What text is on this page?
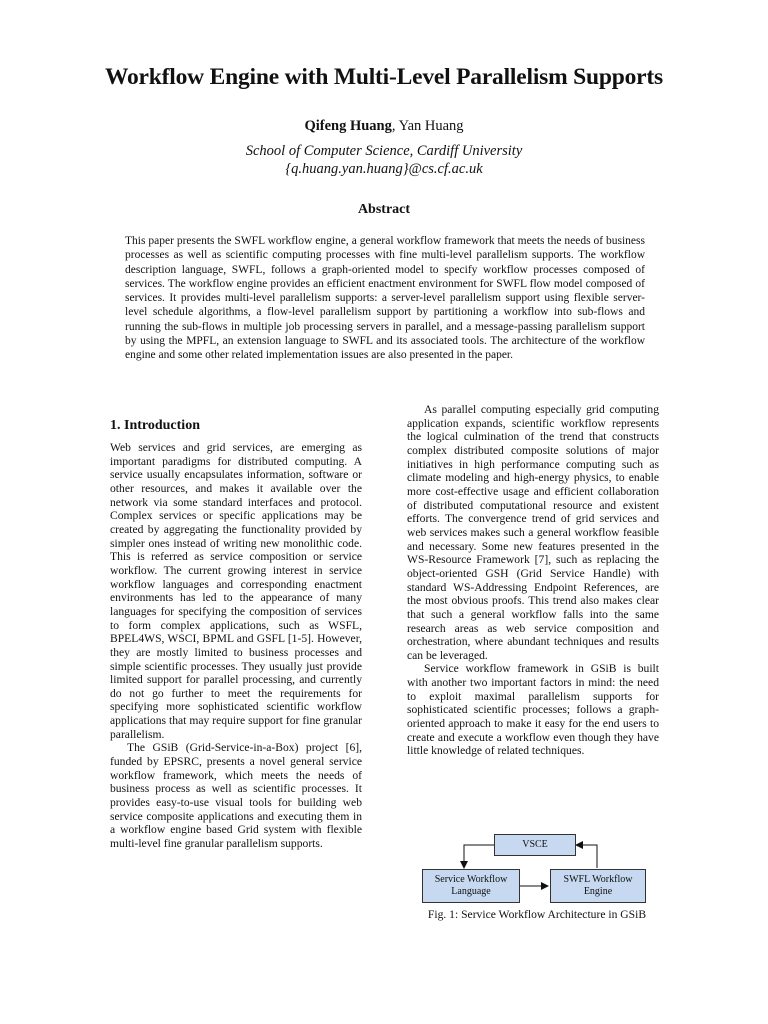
Workflow Engine with Multi-Level Parallelism Supports
Qifeng Huang, Yan Huang
School of Computer Science, Cardiff University
{q.huang.yan.huang}@cs.cf.ac.uk
Abstract
This paper presents the SWFL workflow engine, a general workflow framework that meets the needs of business processes as well as scientific computing processes with fine multi-level parallelism supports. The workflow description language, SWFL, follows a graph-oriented model to specify workflow processes composed of services. The workflow engine provides an efficient enactment environment for SWFL flow model composed of services. It provides multi-level parallelism supports: a server-level parallelism support using flexible server-level schedule algorithms, a flow-level parallelism support by partitioning a workflow into sub-flows and running the sub-flows in multiple job processing servers in parallel, and a message-passing parallelism support by using the MPFL, an extension language to SWFL and its associated tools. The architecture of the workflow engine and some other related implementation issues are also presented in the paper.
1. Introduction

Web services and grid services, are emerging as important paradigms for distributed computing. A service usually encapsulates information, software or other resources, and makes it available over the network via some standard interfaces and protocol. Complex services or specific applications may be created by aggregating the functionality provided by simpler ones instead of writing new monolithic code. This is referred as service composition or service workflow. The current growing interest in service workflow languages and corresponding enactment environments has led to the appearance of many languages for specifying the composition of services to form complex applications, such as WSFL, BPEL4WS, WSCI, BPML and GSFL [1-5]. However, they are mostly limited to business processes and simple scientific processes. They usually just provide limited support for parallel processing, and currently do not go further to meet the requirements for specifying more sophisticated scientific workflow applications that may require support for fine granular parallelism.

The GSiB (Grid-Service-in-a-Box) project [6], funded by EPSRC, presents a novel general service workflow framework, which meets the needs of business process as well as scientific processes. It provides easy-to-use visual tools for building web service composite applications and executing them in a workflow engine based Grid system with flexible multi-level fine granular parallelism supports.

As parallel computing especially grid computing application expands, scientific workflow represents the logical culmination of the trend that constructs complex distributed composite solutions of major initiatives in high performance computing such as climate modeling and high-energy physics, to enable more cost-effective usage and efficient collaboration of distributed computational resource and existent efforts. The convergence trend of grid services and web services makes such a general workflow feasible and necessary. Some new features presented in the WS-Resource Framework [7], such as replacing the object-oriented GSH (Grid Service Handle) with standard WS-Addressing Endpoint References, are the most obvious proofs. This trend also makes clear that such a general workflow falls into the same research areas as web service composition and orchestration, where abundant techniques and results can be leveraged.

Service workflow framework in GSiB is built with another two important factors in mind: the need to exploit maximal parallelism supports for sophisticated scientific processes; follows a graph-oriented approach to make it easy for the end users to create and execute a workflow even though they have little knowledge of related techniques.

VSCE
Service Workflow Language
SWFL Workflow Engine
Fig. 1: Service Workflow Architecture in GSiB
